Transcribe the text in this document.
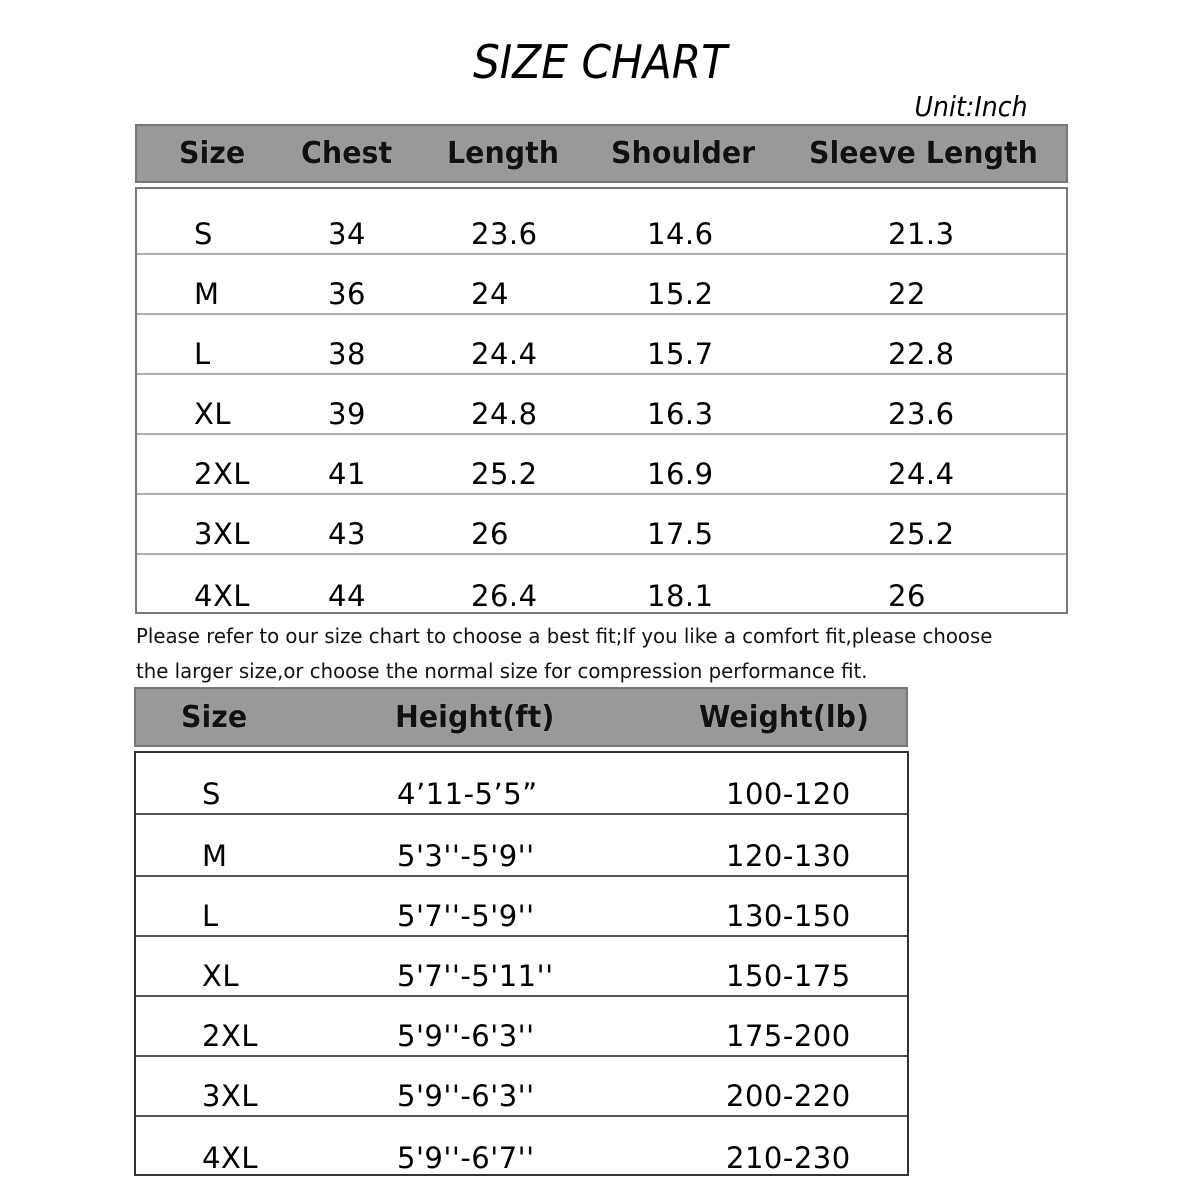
SIZE CHART
Unit:Inch
Size Chest Length Shoulder Sleeve Length
S	34	23.6	14.6	21.3
M	36	24	15.2	22
L	38	24.4	15.7	22.8
XL	39	24.8	16.3	23.6
2XL	41	25.2	16.9	24.4
3XL	43	26	17.5	25.2
4XL	44	26.4	18.1	26
Please refer to our size chart to choose a best fit;If you like a comfort fit,please choose
the larger size,or choose the normal size for compression performance fit.
Size	Height(ft)	Weight(lb)
S	4’11-5’5”	100-120
M	5'3''-5'9''	120-130
L	5'7''-5'9''	130-150
XL	5'7''-5'11''	150-175
2XL	5'9''-6'3''	175-200
3XL	5'9''-6'3''	200-220
4XL	5'9''-6'7''	210-230
